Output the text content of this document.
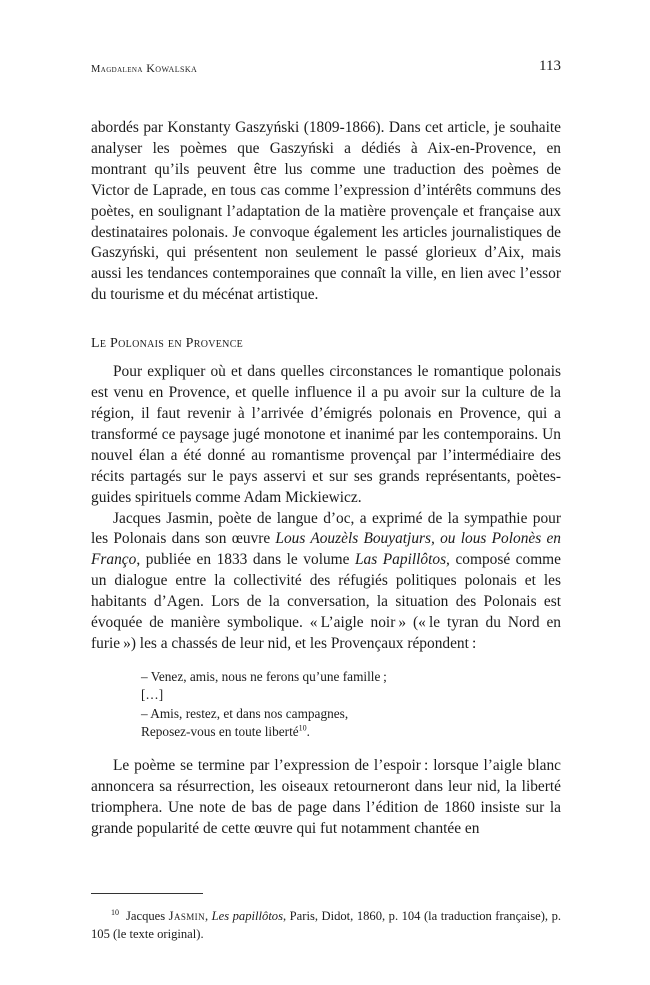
Magdalena Kowalska	113

abordés par Konstanty Gaszyński (1809-1866). Dans cet article, je souhaite analyser les poèmes que Gaszyński a dédiés à Aix-en-Provence, en montrant qu’ils peuvent être lus comme une traduction des poèmes de Victor de Laprade, en tous cas comme l’expression d’intérêts communs des poètes, en soulignant l’adaptation de la matière provençale et française aux destinataires polonais. Je convoque également les articles journalistiques de Gaszyński, qui présentent non seulement le passé glorieux d’Aix, mais aussi les tendances contemporaines que connaît la ville, en lien avec l’essor du tourisme et du mécénat artistique.

Le Polonais en Provence

Pour expliquer où et dans quelles circonstances le romantique polonais est venu en Provence, et quelle influence il a pu avoir sur la culture de la région, il faut revenir à l’arrivée d’émigrés polonais en Provence, qui a transformé ce paysage jugé monotone et inanimé par les contemporains. Un nouvel élan a été donné au romantisme provençal par l’intermédiaire des récits partagés sur le pays asservi et sur ses grands représentants, poètes-guides spirituels comme Adam Mickiewicz.

Jacques Jasmin, poète de langue d’oc, a exprimé de la sympathie pour les Polonais dans son œuvre Lous Aouzèls Bouyatjurs, ou lous Polonès en Franço, publiée en 1833 dans le volume Las Papillôtos, composé comme un dialogue entre la collectivité des réfugiés politiques polonais et les habitants d’Agen. Lors de la conversation, la situation des Polonais est évoquée de manière symbolique. « L’aigle noir » (« le tyran du Nord en furie ») les a chassés de leur nid, et les Provençaux répondent :

– Venez, amis, nous ne ferons qu’une famille ;
[…]
– Amis, restez, et dans nos campagnes,
Reposez-vous en toute liberté$^{10}$.

Le poème se termine par l’expression de l’espoir : lorsque l’aigle blanc annoncera sa résurrection, les oiseaux retourneront dans leur nid, la liberté triomphera. Une note de bas de page dans l’édition de 1860 insiste sur la grande popularité de cette œuvre qui fut notamment chantée en

$^{10}$ Jacques Jasmin, Les papillôtos, Paris, Didot, 1860, p. 104 (la traduction française), p. 105 (le texte original).
